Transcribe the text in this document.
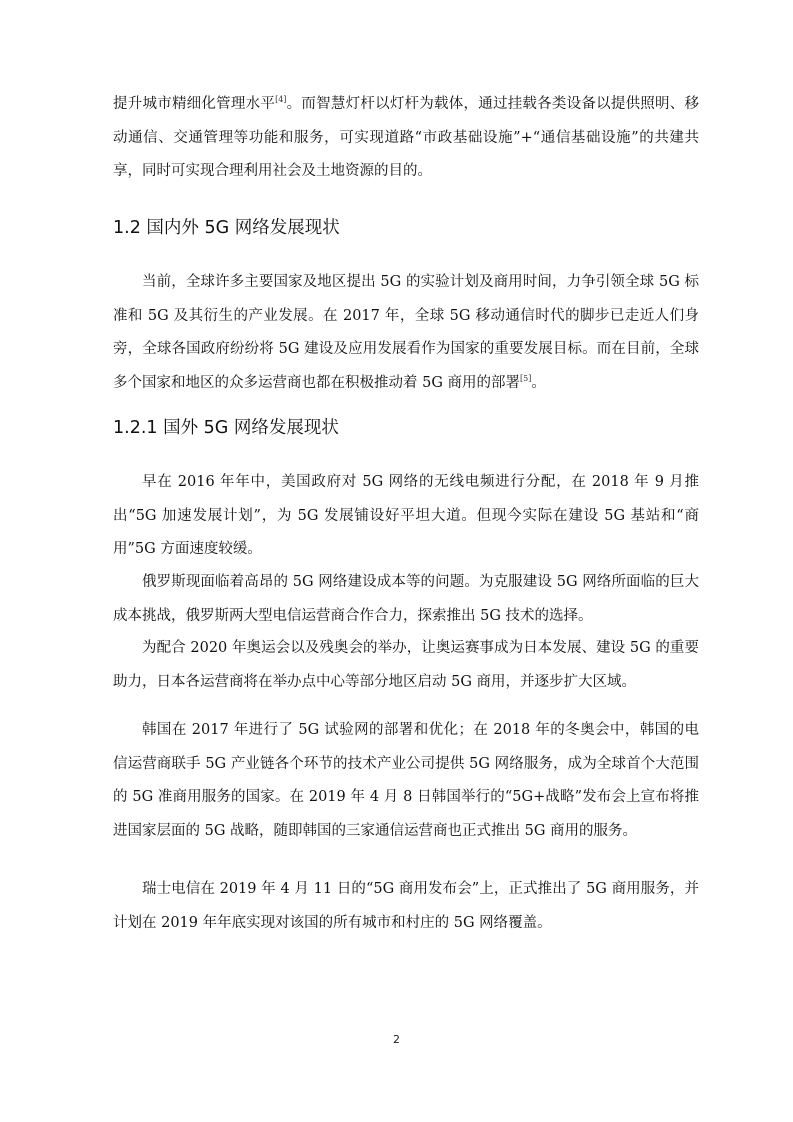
提升城市精细化管理水平[4]。而智慧灯杆以灯杆为载体，通过挂载各类设备以提供照明、移动通信、交通管理等功能和服务，可实现道路“市政基础设施”+“通信基础设施”的共建共享，同时可实现合理利用社会及土地资源的目的。
1.2 国内外 5G 网络发展现状
当前，全球许多主要国家及地区提出 5G 的实验计划及商用时间，力争引领全球 5G 标准和 5G 及其衍生的产业发展。在 2017 年，全球 5G 移动通信时代的脚步已走近人们身旁，全球各国政府纷纷将 5G 建设及应用发展看作为国家的重要发展目标。而在目前，全球多个国家和地区的众多运营商也都在积极推动着 5G 商用的部署[5]。
1.2.1 国外 5G 网络发展现状
早在 2016 年年中，美国政府对 5G 网络的无线电频进行分配，在 2018 年 9 月推出“5G 加速发展计划”，为 5G 发展铺设好平坦大道。但现今实际在建设 5G 基站和“商用”5G 方面速度较缓。
俄罗斯现面临着高昂的 5G 网络建设成本等的问题。为克服建设 5G 网络所面临的巨大成本挑战，俄罗斯两大型电信运营商合作合力，探索推出 5G 技术的选择。
为配合 2020 年奥运会以及残奥会的举办，让奥运赛事成为日本发展、建设 5G 的重要助力，日本各运营商将在举办点中心等部分地区启动 5G 商用，并逐步扩大区域。
韩国在 2017 年进行了 5G 试验网的部署和优化；在 2018 年的冬奥会中，韩国的电信运营商联手 5G 产业链各个环节的技术产业公司提供 5G 网络服务，成为全球首个大范围的 5G 准商用服务的国家。在 2019 年 4 月 8 日韩国举行的“5G+战略”发布会上宣布将推进国家层面的 5G 战略，随即韩国的三家通信运营商也正式推出 5G 商用的服务。
瑞士电信在 2019 年 4 月 11 日的“5G 商用发布会”上，正式推出了 5G 商用服务，并计划在 2019 年年底实现对该国的所有城市和村庄的 5G 网络覆盖。
2
